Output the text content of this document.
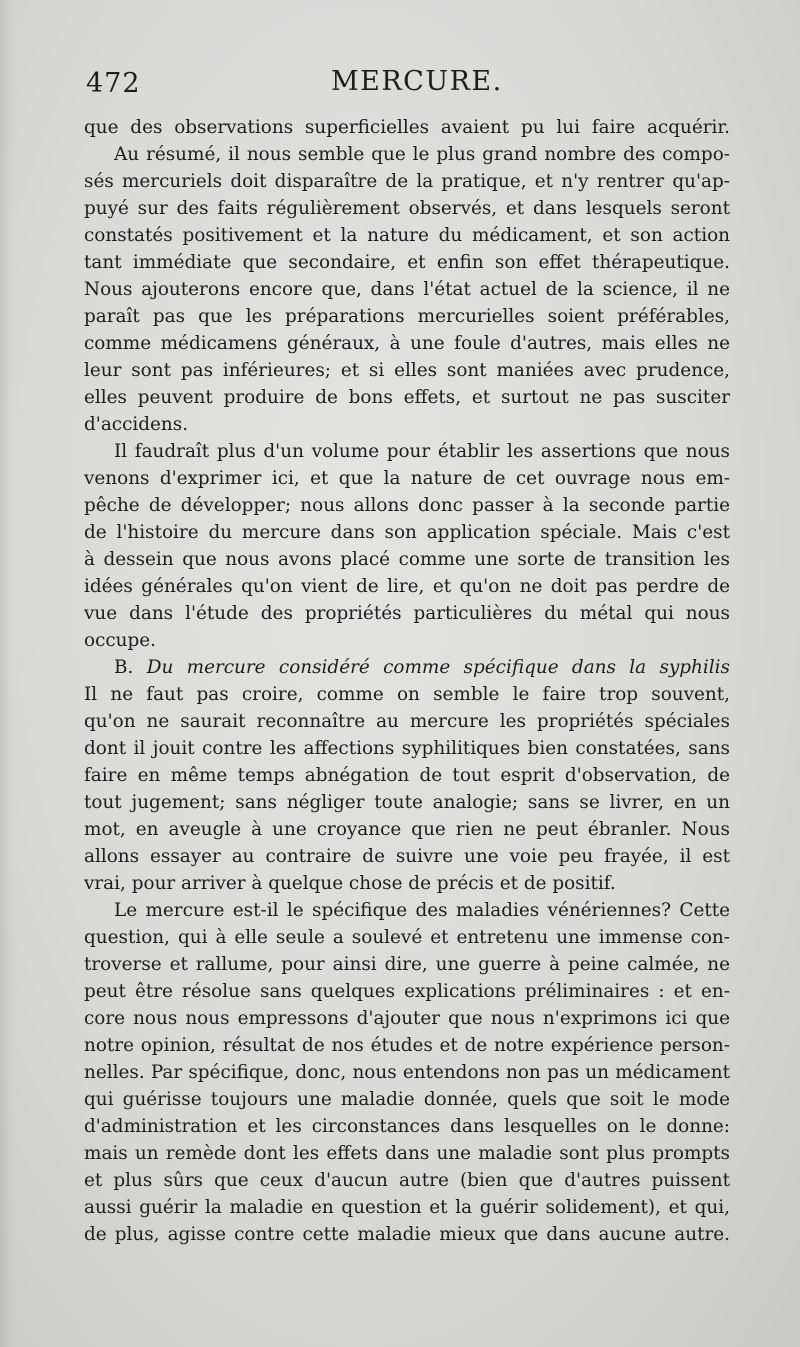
472	MERCURE.
que des observations superficielles avaient pu lui faire acquérir.
Au résumé, il nous semble que le plus grand nombre des compo-
sés mercuriels doit disparaître de la pratique, et n'y rentrer qu'ap-
puyé sur des faits régulièrement observés, et dans lesquels seront
constatés positivement et la nature du médicament, et son action
tant immédiate que secondaire, et enfin son effet thérapeutique.
Nous ajouterons encore que, dans l'état actuel de la science, il ne
paraît pas que les préparations mercurielles soient préférables,
comme médicamens généraux, à une foule d'autres, mais elles ne
leur sont pas inférieures; et si elles sont maniées avec prudence,
elles peuvent produire de bons effets, et surtout ne pas susciter
d'accidens.
Il faudraît plus d'un volume pour établir les assertions que nous
venons d'exprimer ici, et que la nature de cet ouvrage nous em-
pêche de développer; nous allons donc passer à la seconde partie
de l'histoire du mercure dans son application spéciale. Mais c'est
à dessein que nous avons placé comme une sorte de transition les
idées générales qu'on vient de lire, et qu'on ne doit pas perdre de
vue dans l'étude des propriétés particulières du métal qui nous
occupe.
B. Du mercure considéré comme spécifique dans la syphilis
Il ne faut pas croire, comme on semble le faire trop souvent,
qu'on ne saurait reconnaître au mercure les propriétés spéciales
dont il jouit contre les affections syphilitiques bien constatées, sans
faire en même temps abnégation de tout esprit d'observation, de
tout jugement; sans négliger toute analogie; sans se livrer, en un
mot, en aveugle à une croyance que rien ne peut ébranler. Nous
allons essayer au contraire de suivre une voie peu frayée, il est
vrai, pour arriver à quelque chose de précis et de positif.
Le mercure est-il le spécifique des maladies vénériennes? Cette
question, qui à elle seule a soulevé et entretenu une immense con-
troverse et rallume, pour ainsi dire, une guerre à peine calmée, ne
peut être résolue sans quelques explications préliminaires : et en-
core nous nous empressons d'ajouter que nous n'exprimons ici que
notre opinion, résultat de nos études et de notre expérience person-
nelles. Par spécifique, donc, nous entendons non pas un médicament
qui guérisse toujours une maladie donnée, quels que soit le mode
d'administration et les circonstances dans lesquelles on le donne:
mais un remède dont les effets dans une maladie sont plus prompts
et plus sûrs que ceux d'aucun autre (bien que d'autres puissent
aussi guérir la maladie en question et la guérir solidement), et qui,
de plus, agisse contre cette maladie mieux que dans aucune autre.
